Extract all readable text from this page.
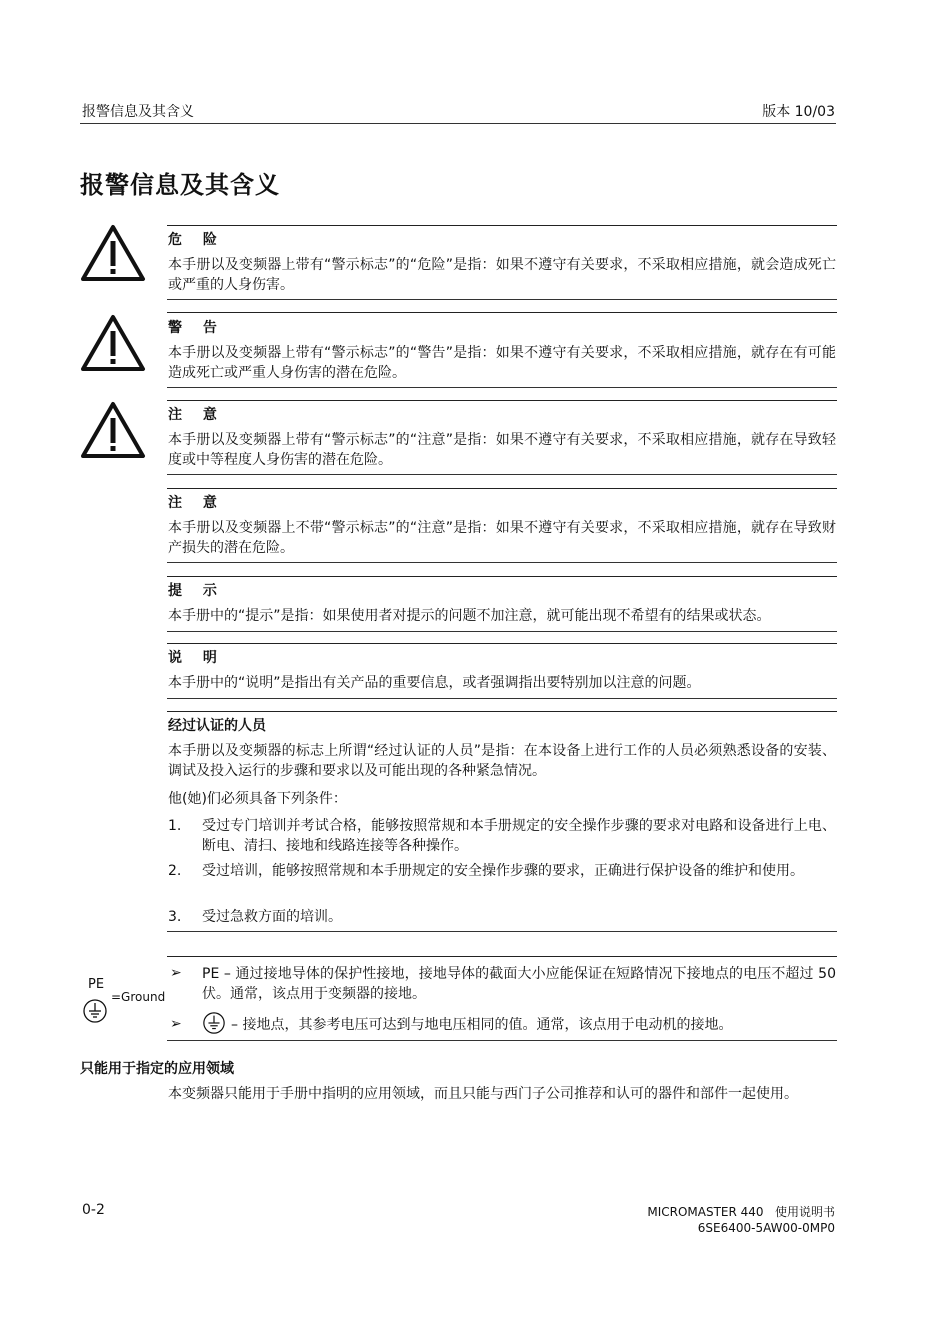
报警信息及其含义	版本 10/03
报警信息及其含义
危 险
本手册以及变频器上带有“警示标志”的“危险”是指：如果不遵守有关要求，不采取相应措施，就会造成死亡或严重的人身伤害。
警 告
本手册以及变频器上带有“警示标志”的“警告”是指：如果不遵守有关要求，不采取相应措施，就存在有可能造成死亡或严重人身伤害的潜在危险。
注 意
本手册以及变频器上带有“警示标志”的“注意”是指：如果不遵守有关要求，不采取相应措施，就存在导致轻度或中等程度人身伤害的潜在危险。
注 意
本手册以及变频器上不带“警示标志”的“注意”是指：如果不遵守有关要求，不采取相应措施，就存在导致财产损失的潜在危险。
提 示
本手册中的“提示”是指：如果使用者对提示的问题不加注意，就可能出现不希望有的结果或状态。
说 明
本手册中的“说明”是指出有关产品的重要信息，或者强调指出要特别加以注意的问题。
经过认证的人员
本手册以及变频器的标志上所谓“经过认证的人员”是指：在本设备上进行工作的人员必须熟悉设备的安装、调试及投入运行的步骤和要求以及可能出现的各种紧急情况。
他(她)们必须具备下列条件：
1. 受过专门培训并考试合格，能够按照常规和本手册规定的安全操作步骤的要求对电路和设备进行上电、断电、清扫、接地和线路连接等各种操作。
2. 受过培训，能够按照常规和本手册规定的安全操作步骤的要求，正确进行保护设备的维护和使用。
3. 受过急救方面的培训。
PE
=Ground
➢ PE – 通过接地导体的保护性接地，接地导体的截面大小应能保证在短路情况下接地点的电压不超过 50 伏。通常，该点用于变频器的接地。
➢	– 接地点，其参考电压可达到与地电压相同的值。通常，该点用于电动机的接地。
只能用于指定的应用领域
本变频器只能用于手册中指明的应用领域，而且只能与西门子公司推荐和认可的器件和部件一起使用。
0-2	MICROMASTER 440   使用说明书
6SE6400-5AW00-0MP0
